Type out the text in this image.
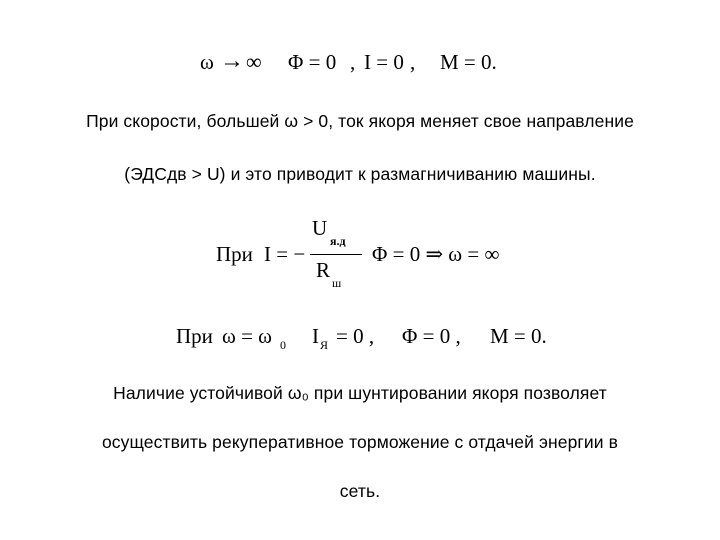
ω → ∞ Φ = 0 , I = 0 , M = 0.
При скорости, большей ω > 0, ток якоря меняет свое направление
(ЭДСдв > U) и это приводит к размагничиванию машины.
При I = −
U
я.д
R
ш
Φ = 0 ⇒ ω = ∞
При ω = ω 0 I Я = 0 , Φ = 0 , M = 0.
Наличие устойчивой ω₀ при шунтировании якоря позволяет
осуществить рекуперативное торможение с отдачей энергии в
сеть.
